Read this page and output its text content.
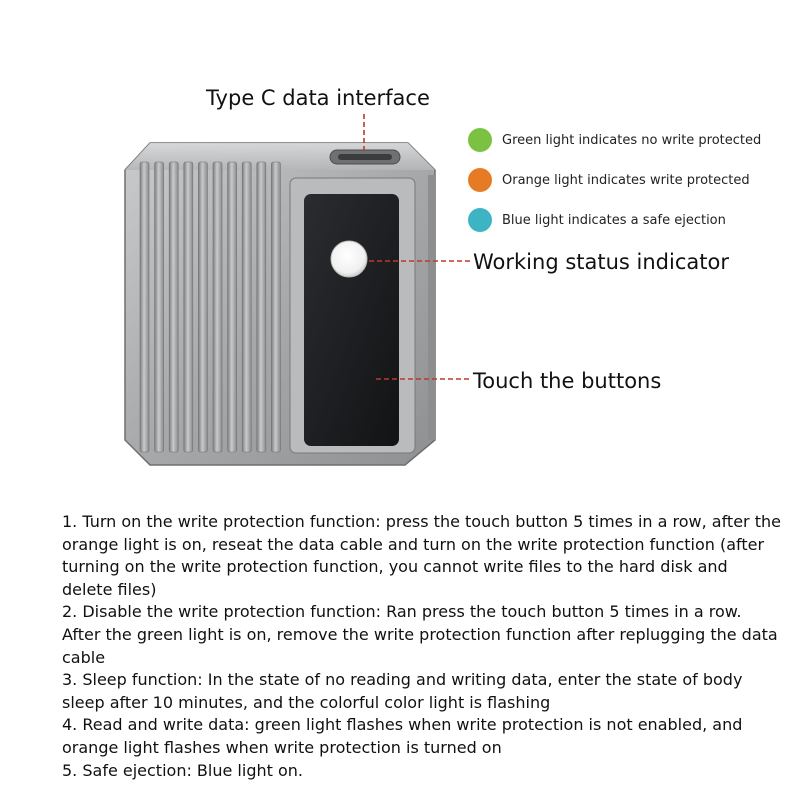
Type C data interface
Working status indicator
Touch the buttons
Green light indicates no write protected
Orange light indicates write protected
Blue light indicates a safe ejection

1. Turn on the write protection function: press the touch button 5 times in a row, after the orange light is on, reseat the data cable and turn on the write protection function (after turning on the write protection function, you cannot write files to the hard disk and delete files)

2. Disable the write protection function: Ran press the touch button 5 times in a row. After the green light is on, remove the write protection function after replugging the data cable

3. Sleep function: In the state of no reading and writing data, enter the state of body sleep after 10 minutes, and the colorful color light is flashing

4. Read and write data: green light flashes when write protection is not enabled, and orange light flashes when write protection is turned on

5. Safe ejection: Blue light on.
